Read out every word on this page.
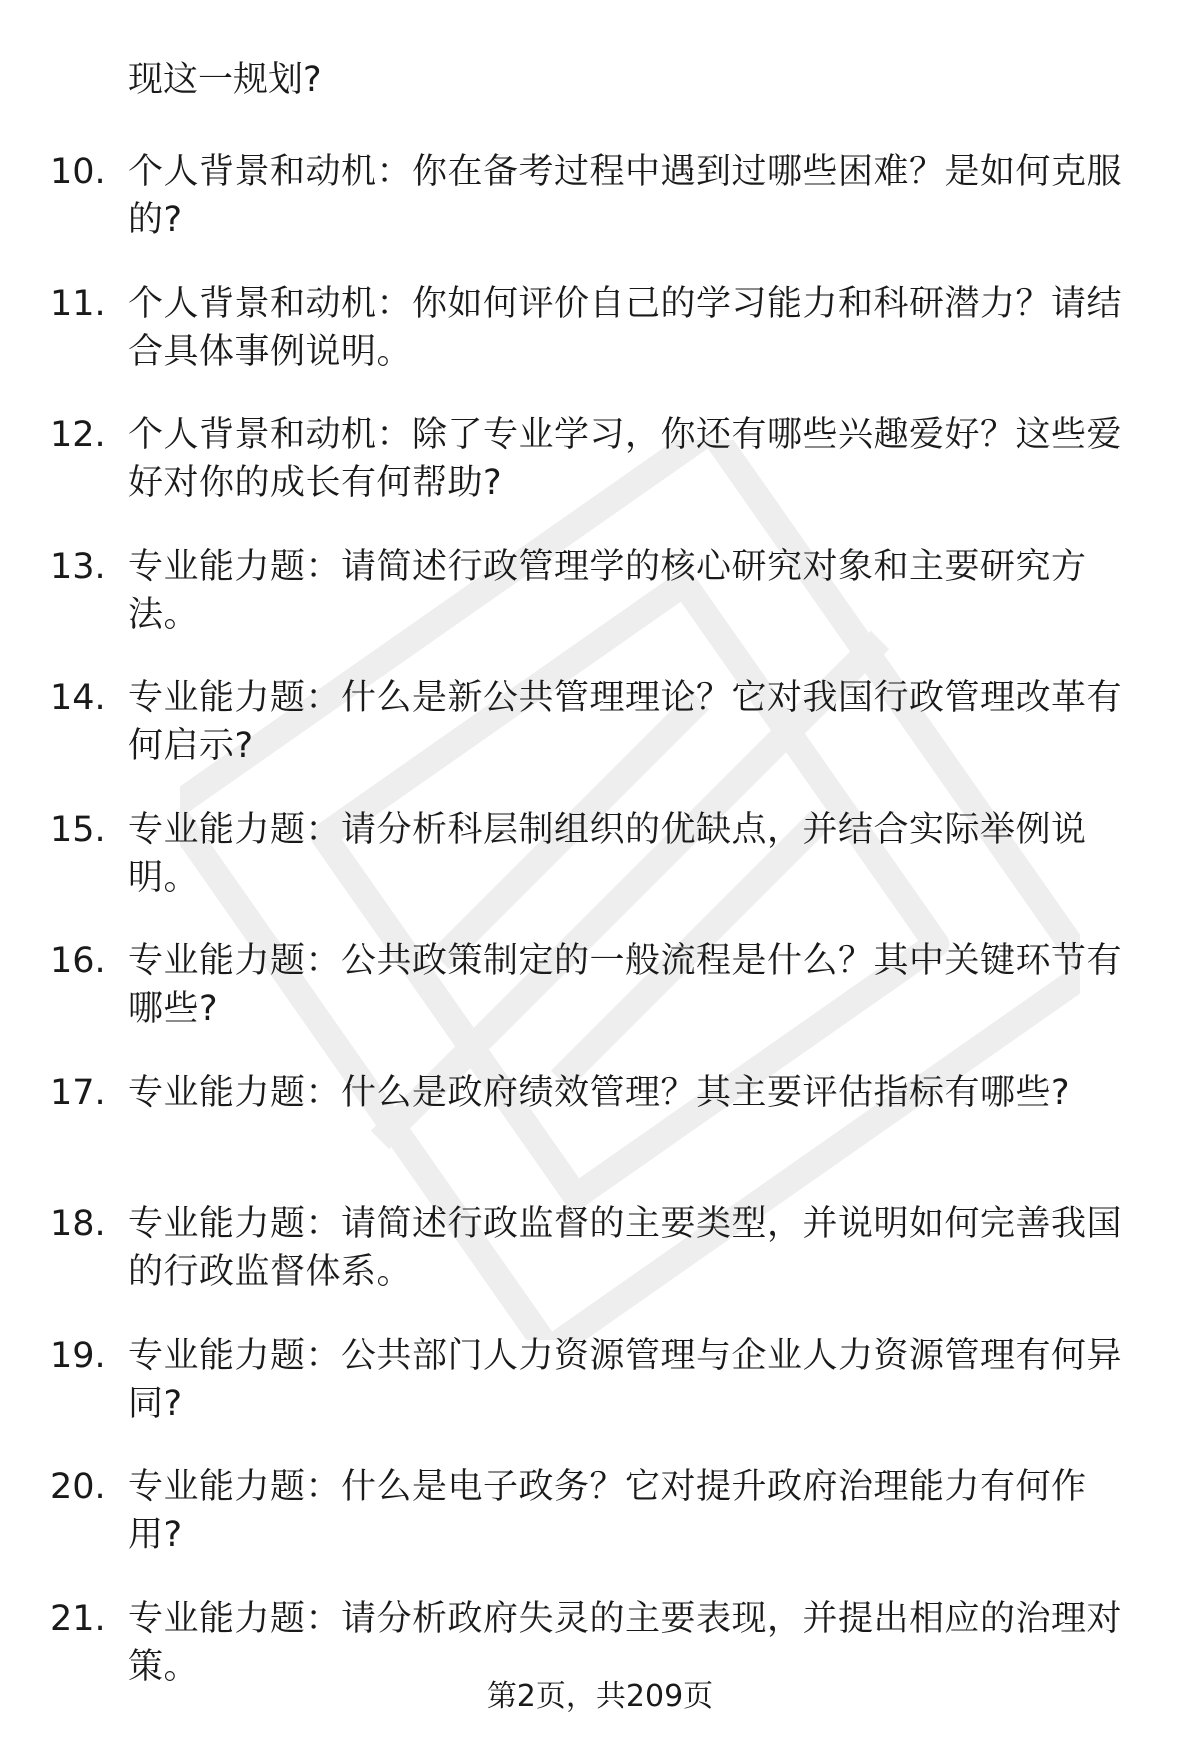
现这一规划?
10. 个人背景和动机：你在备考过程中遇到过哪些困难？是如何克服的?
11. 个人背景和动机：你如何评价自己的学习能力和科研潜力？请结合具体事例说明。
12. 个人背景和动机：除了专业学习，你还有哪些兴趣爱好？这些爱好对你的成长有何帮助?
13. 专业能力题：请简述行政管理学的核心研究对象和主要研究方法。
14. 专业能力题：什么是新公共管理理论？它对我国行政管理改革有何启示?
15. 专业能力题：请分析科层制组织的优缺点，并结合实际举例说明。
16. 专业能力题：公共政策制定的一般流程是什么？其中关键环节有哪些?
17. 专业能力题：什么是政府绩效管理？其主要评估指标有哪些?
18. 专业能力题：请简述行政监督的主要类型，并说明如何完善我国的行政监督体系。
19. 专业能力题：公共部门人力资源管理与企业人力资源管理有何异同?
20. 专业能力题：什么是电子政务？它对提升政府治理能力有何作用?
21. 专业能力题：请分析政府失灵的主要表现，并提出相应的治理对策。
第2页，共209页
